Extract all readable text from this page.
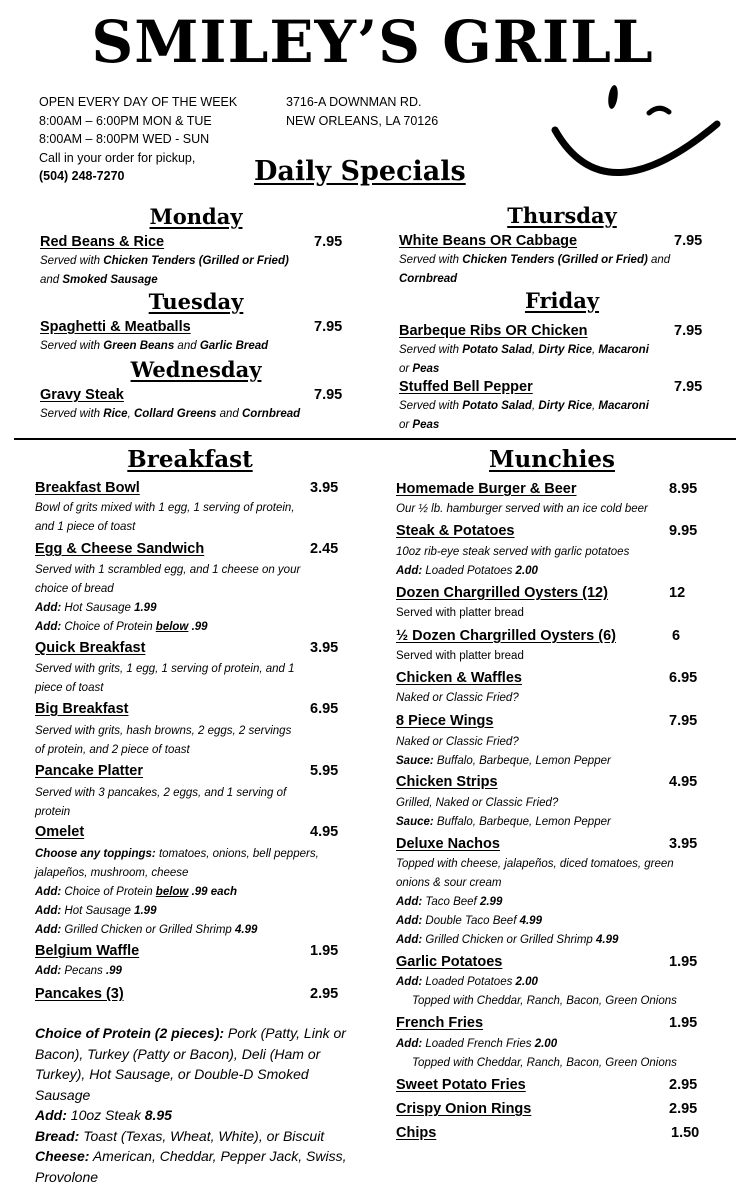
SMILEY’S GRILL
OPEN EVERY DAY OF THE WEEK
8:00AM – 6:00PM MON & TUE
8:00AM – 8:00PM WED - SUN
Call in your order for pickup,
(504) 248-7270
3716-A DOWNMAN RD.
NEW ORLEANS, LA 70126
Daily Specials
Monday
Red Beans & Rice	7.95
Served with Chicken Tenders (Grilled or Fried)
and Smoked Sausage
Tuesday
Spaghetti & Meatballs	7.95
Served with Green Beans and Garlic Bread
Wednesday
Gravy Steak	7.95
Served with Rice, Collard Greens and Cornbread
Thursday
White Beans OR Cabbage	7.95
Served with Chicken Tenders (Grilled or Fried) and
Cornbread
Friday
Barbeque Ribs OR Chicken	7.95
Served with Potato Salad, Dirty Rice, Macaroni
or Peas
Stuffed Bell Pepper	7.95
Served with Potato Salad, Dirty Rice, Macaroni
or Peas
Breakfast
Breakfast Bowl	3.95
Bowl of grits mixed with 1 egg, 1 serving of protein,
and 1 piece of toast
Egg & Cheese Sandwich	2.45
Served with 1 scrambled egg, and 1 cheese on your
choice of bread
Add: Hot Sausage 1.99
Add: Choice of Protein below .99
Quick Breakfast	3.95
Served with grits, 1 egg, 1 serving of protein, and 1
piece of toast
Big Breakfast	6.95
Served with grits, hash browns, 2 eggs, 2 servings
of protein, and 2 piece of toast
Pancake Platter	5.95
Served with 3 pancakes, 2 eggs, and 1 serving of
protein
Omelet	4.95
Choose any toppings: tomatoes, onions, bell peppers,
jalapeños, mushroom, cheese
Add: Choice of Protein below .99 each
Add: Hot Sausage 1.99
Add: Grilled Chicken or Grilled Shrimp 4.99
Belgium Waffle	1.95
Add: Pecans .99
Pancakes (3)	2.95
Choice of Protein (2 pieces): Pork (Patty, Link or Bacon), Turkey (Patty or Bacon), Deli (Ham or Turkey), Hot Sausage, or Double-D Smoked Sausage
Add: 10oz Steak 8.95
Bread: Toast (Texas, Wheat, White), or Biscuit
Cheese: American, Cheddar, Pepper Jack, Swiss, Provolone
Munchies
Homemade Burger & Beer	8.95
Our ½ lb. hamburger served with an ice cold beer
Steak & Potatoes	9.95
10oz rib-eye steak served with garlic potatoes
Add: Loaded Potatoes 2.00
Dozen Chargrilled Oysters (12)	12
Served with platter bread
½ Dozen Chargrilled Oysters (6)	6
Served with platter bread
Chicken & Waffles	6.95
Naked or Classic Fried?
8 Piece Wings	7.95
Naked or Classic Fried?
Sauce: Buffalo, Barbeque, Lemon Pepper
Chicken Strips	4.95
Grilled, Naked or Classic Fried?
Sauce: Buffalo, Barbeque, Lemon Pepper
Deluxe Nachos	3.95
Topped with cheese, jalapeños, diced tomatoes, green
onions & sour cream
Add: Taco Beef 2.99
Add: Double Taco Beef 4.99
Add: Grilled Chicken or Grilled Shrimp 4.99
Garlic Potatoes	1.95
Add: Loaded Potatoes 2.00
Topped with Cheddar, Ranch, Bacon, Green Onions
French Fries	1.95
Add: Loaded French Fries 2.00
Topped with Cheddar, Ranch, Bacon, Green Onions
Sweet Potato Fries	2.95
Crispy Onion Rings	2.95
Chips	1.50
